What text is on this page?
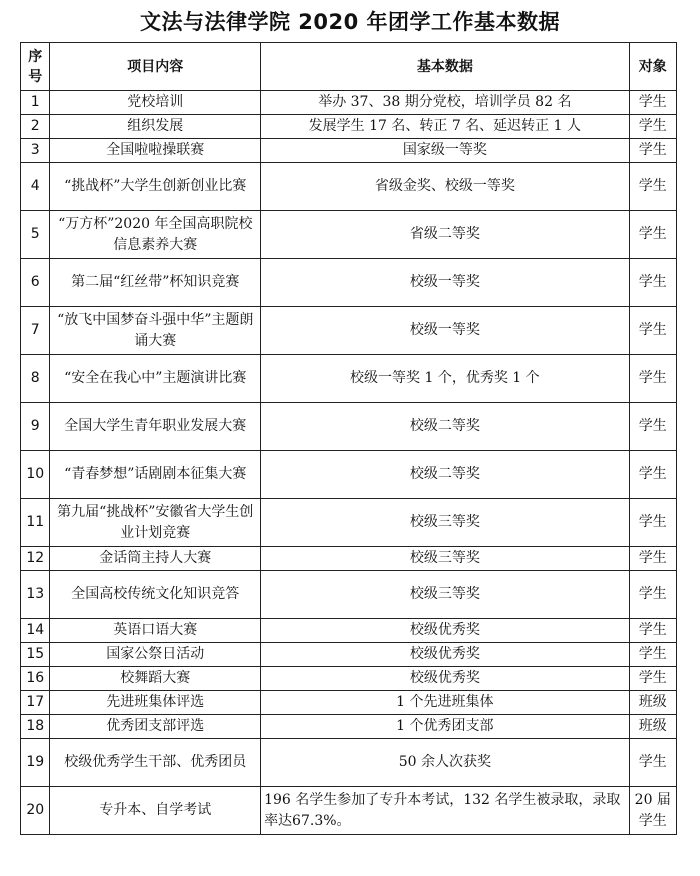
文法与法律学院 2020 年团学工作基本数据
序号	项目内容	基本数据	对象
1	党校培训	举办 37、38 期分党校，培训学员 82 名	学生
2	组织发展	发展学生 17 名、转正 7 名、延迟转正 1 人	学生
3	全国啦啦操联赛	国家级一等奖	学生
4	“挑战杯”大学生创新创业比赛	省级金奖、校级一等奖	学生
5	“万方杯”2020 年全国高职院校信息素养大赛	省级二等奖	学生
6	第二届“红丝带”杯知识竞赛	校级一等奖	学生
7	“放飞中国梦奋斗强中华”主题朗诵大赛	校级一等奖	学生
8	“安全在我心中”主题演讲比赛	校级一等奖 1 个，优秀奖 1 个	学生
9	全国大学生青年职业发展大赛	校级二等奖	学生
10	“青春梦想”话剧剧本征集大赛	校级二等奖	学生
11	第九届“挑战杯”安徽省大学生创业计划竞赛	校级三等奖	学生
12	金话筒主持人大赛	校级三等奖	学生
13	全国高校传统文化知识竞答	校级三等奖	学生
14	英语口语大赛	校级优秀奖	学生
15	国家公祭日活动	校级优秀奖	学生
16	校舞蹈大赛	校级优秀奖	学生
17	先进班集体评选	1 个先进班集体	班级
18	优秀团支部评选	1 个优秀团支部	班级
19	校级优秀学生干部、优秀团员	50 余人次获奖	学生
20	专升本、自学考试	196 名学生参加了专升本考试，132 名学生被录取，录取率达67.3%。	20 届学生
